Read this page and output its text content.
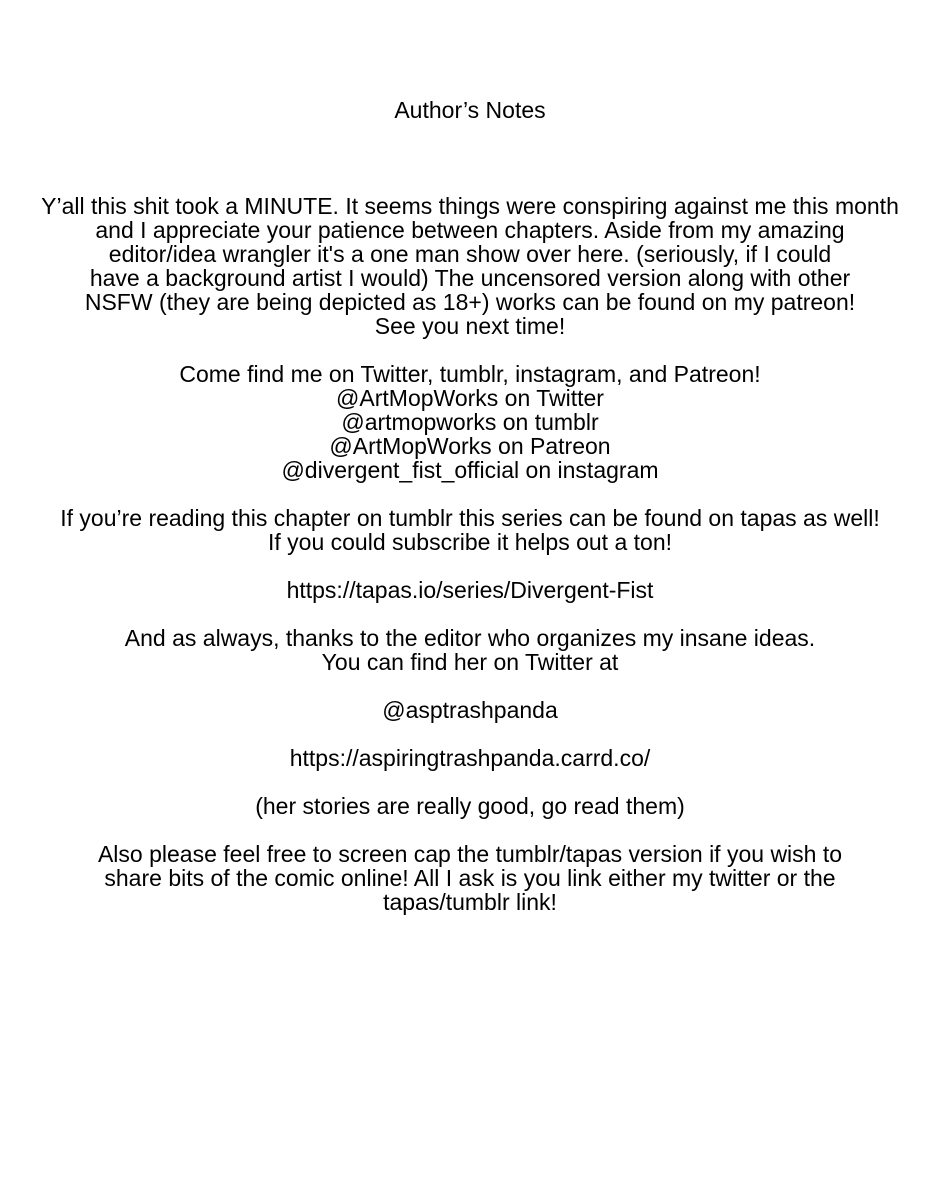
Author’s Notes
Y’all this shit took a MINUTE. It seems things were conspiring against me this month
and I appreciate your patience between chapters. Aside from my amazing
editor/idea wrangler it's a one man show over here. (seriously, if I could
have a background artist I would) The uncensored version along with other
NSFW (they are being depicted as 18+) works can be found on my patreon!
See you next time!
Come find me on Twitter, tumblr, instagram, and Patreon!
@ArtMopWorks on Twitter
@artmopworks on tumblr
@ArtMopWorks on Patreon
@divergent_fist_official on instagram
If you’re reading this chapter on tumblr this series can be found on tapas as well!
If you could subscribe it helps out a ton!
https://tapas.io/series/Divergent-Fist
And as always, thanks to the editor who organizes my insane ideas.
You can find her on Twitter at
@asptrashpanda
https://aspiringtrashpanda.carrd.co/
(her stories are really good, go read them)
Also please feel free to screen cap the tumblr/tapas version if you wish to
share bits of the comic online! All I ask is you link either my twitter or the
tapas/tumblr link!
